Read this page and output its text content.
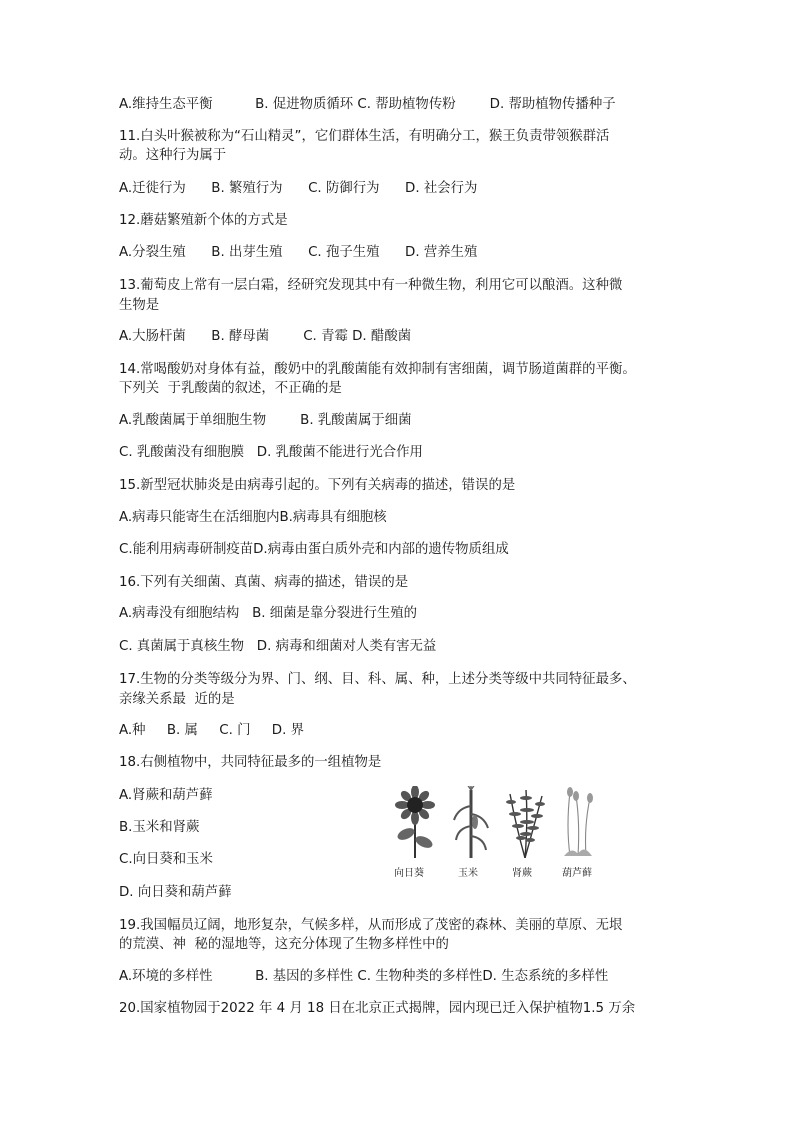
A.维持生态平衡          B. 促进物质循环 C. 帮助植物传粉        D. 帮助植物传播种子
11.白头叶猴被称为“石山精灵”，它们群体生活，有明确分工，猴王负责带领猴群活
动。这种行为属于
A.迁徙行为      B. 繁殖行为      C. 防御行为      D. 社会行为
12.蘑菇繁殖新个体的方式是
A.分裂生殖      B. 出芽生殖      C. 孢子生殖      D. 营养生殖
13.葡萄皮上常有一层白霜，经研究发现其中有一种微生物，利用它可以酿酒。这种微
生物是
A.大肠杆菌      B. 酵母菌        C. 青霉 D. 醋酸菌
14.常喝酸奶对身体有益，酸奶中的乳酸菌能有效抑制有害细菌，调节肠道菌群的平衡。
下列关  于乳酸菌的叙述，不正确的是
A.乳酸菌属于单细胞生物        B. 乳酸菌属于细菌
C. 乳酸菌没有细胞膜   D. 乳酸菌不能进行光合作用
15.新型冠状肺炎是由病毒引起的。下列有关病毒的描述，错误的是
A.病毒只能寄生在活细胞内B.病毒具有细胞核
C.能利用病毒研制疫苗D.病毒由蛋白质外壳和内部的遗传物质组成
16.下列有关细菌、真菌、病毒的描述，错误的是
A.病毒没有细胞结构   B. 细菌是靠分裂进行生殖的
C. 真菌属于真核生物   D. 病毒和细菌对人类有害无益
17.生物的分类等级分为界、门、纲、目、科、属、种，上述分类等级中共同特征最多、
亲缘关系最  近的是
A.种     B. 属     C. 门     D. 界
18.右侧植物中，共同特征最多的一组植物是
A.肾蕨和葫芦藓
B.玉米和肾蕨
C.向日葵和玉米
D. 向日葵和葫芦藓
向日葵	玉米	肾蕨	葫芦藓
19.我国幅员辽阔，地形复杂，气候多样，从而形成了茂密的森林、美丽的草原、无垠
的荒漠、神  秘的湿地等，这充分体现了生物多样性中的
A.环境的多样性          B. 基因的多样性 C. 生物种类的多样性D. 生态系统的多样性
20.国家植物园于2022 年 4 月 18 日在北京正式揭牌，园内现已迁入保护植物1.5 万余
